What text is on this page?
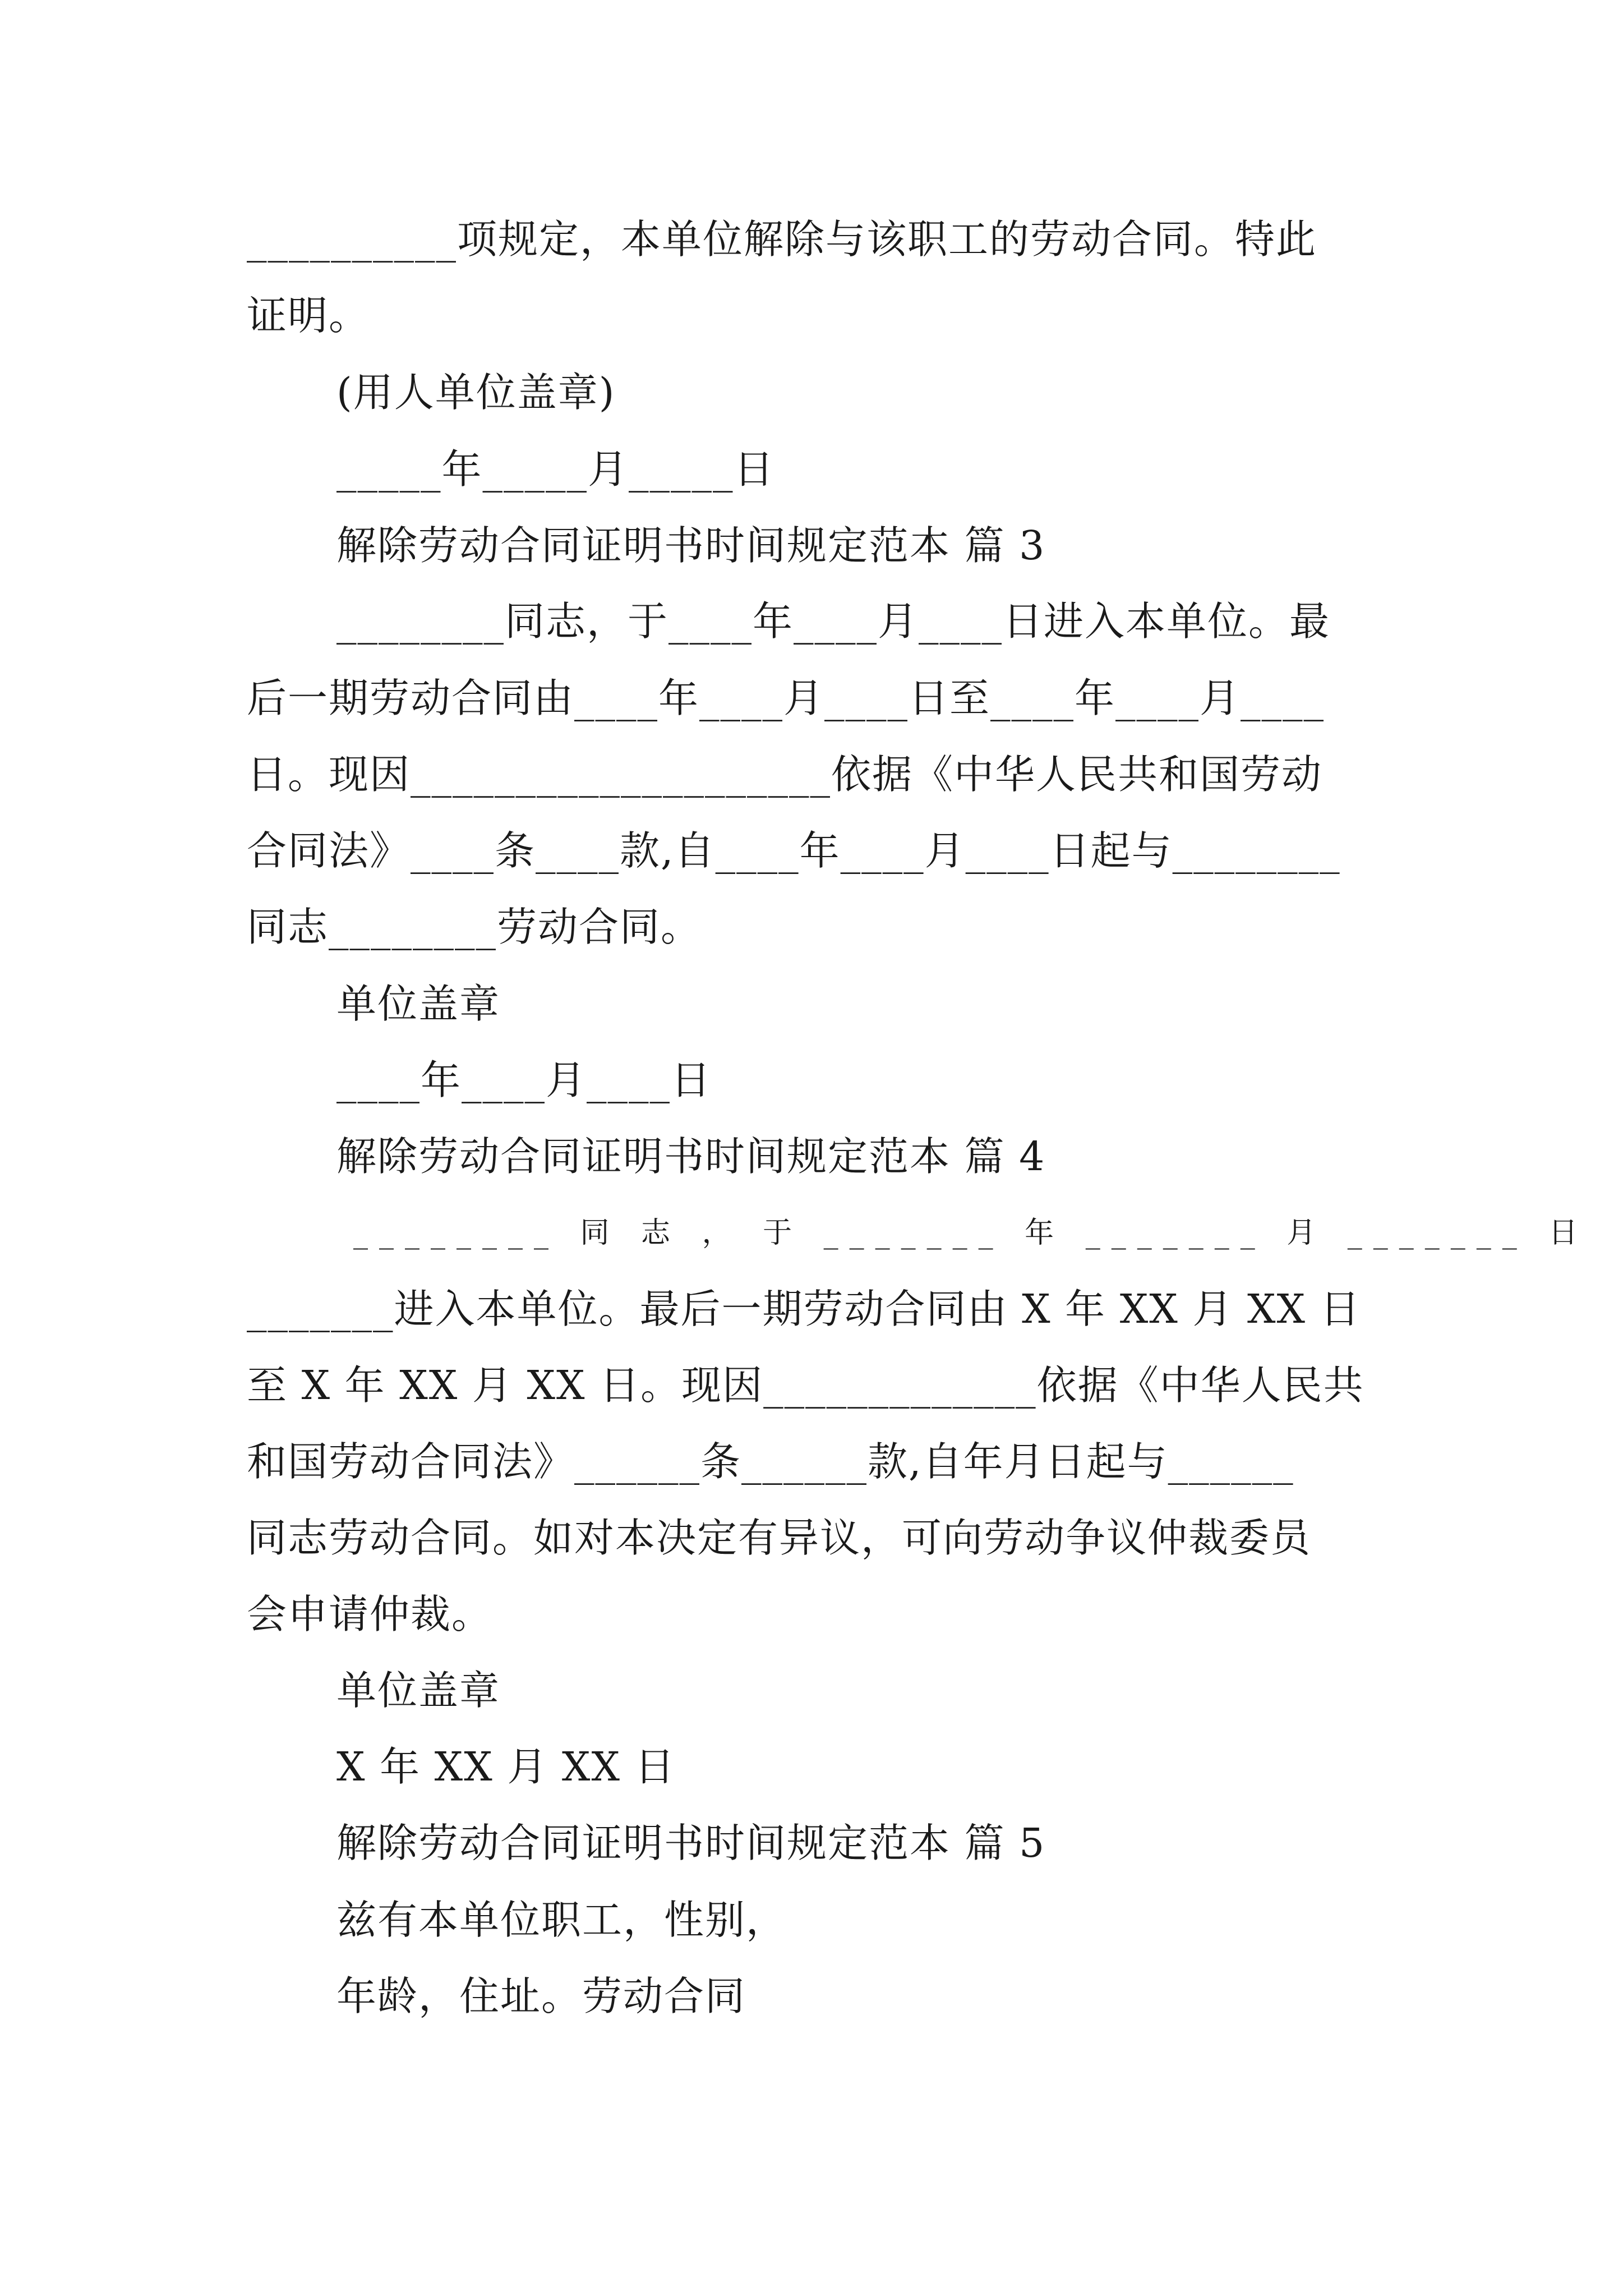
__________项规定，本单位解除与该职工的劳动合同。特此

证明。

(用人单位盖章)

_____年_____月_____日

解除劳动合同证明书时间规定范本 篇 3

________同志，于____年____月____日进入本单位。最

后一期劳动合同由____年____月____日至____年____月____

日。现因____________________依据《中华人民共和国劳动

合同法》____条____款,自____年____月____日起与________

同志________劳动合同。

单位盖章

____年____月____日

解除劳动合同证明书时间规定范本 篇 4

________ 同 志 ， 于 _______ 年 _______ 月 _______ 日

_______进入本单位。最后一期劳动合同由 X 年 XX 月 XX 日

至 X 年 XX 月 XX 日。现因_____________依据《中华人民共

和国劳动合同法》______条______款,自年月日起与______

同志劳动合同。如对本决定有异议，可向劳动争议仲裁委员

会申请仲裁。

单位盖章

X 年 XX 月 XX 日

解除劳动合同证明书时间规定范本 篇 5

兹有本单位职工，性别，

年龄，住址。劳动合同
